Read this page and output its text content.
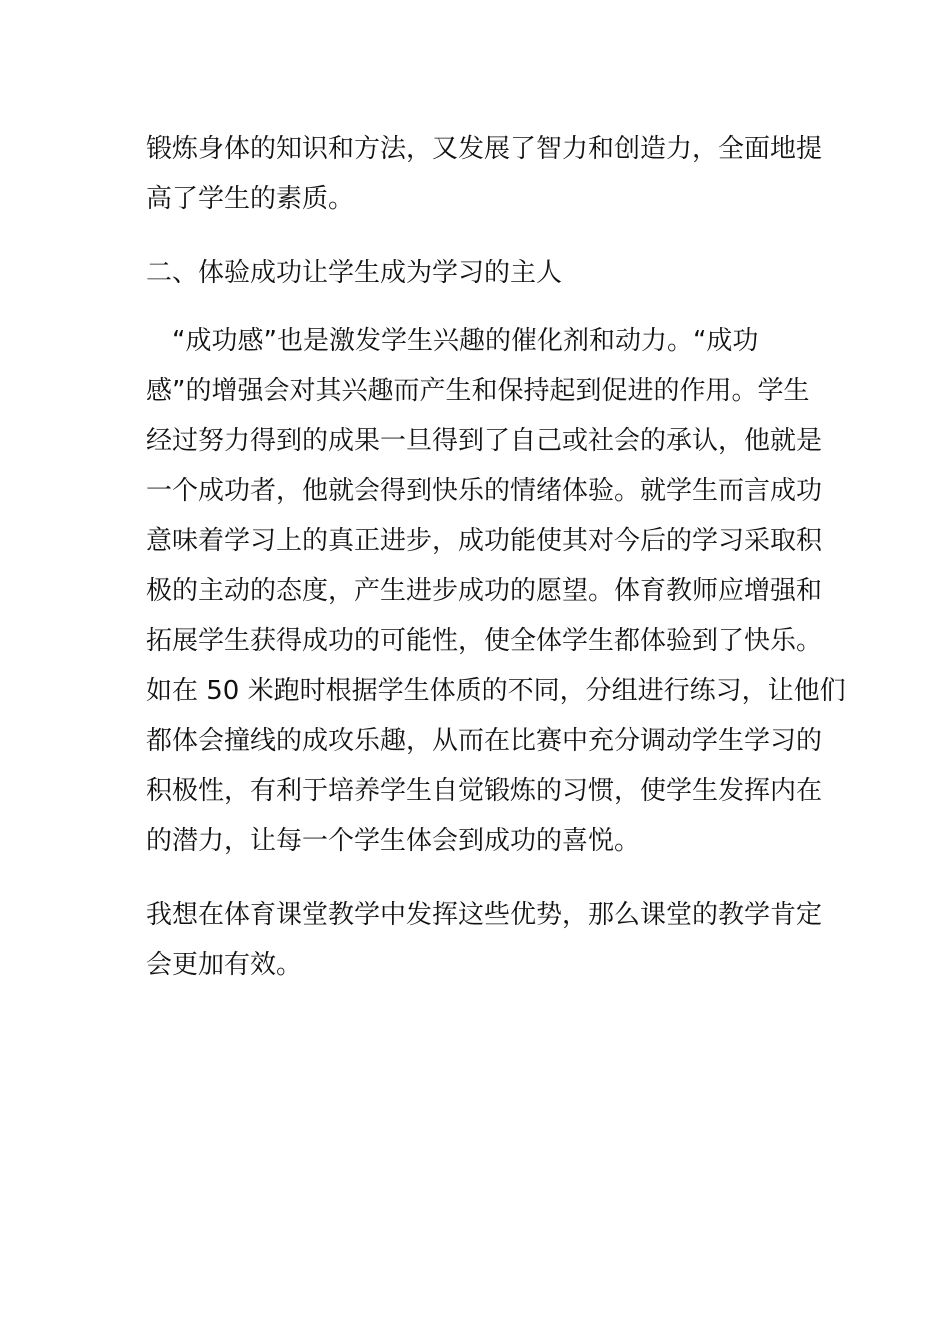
锻炼身体的知识和方法，又发展了智力和创造力，全面地提
高了学生的素质。
二、体验成功让学生成为学习的主人
“成功感”也是激发学生兴趣的催化剂和动力。“成功
感”的增强会对其兴趣而产生和保持起到促进的作用。学生
经过努力得到的成果一旦得到了自己或社会的承认，他就是
一个成功者，他就会得到快乐的情绪体验。就学生而言成功
意味着学习上的真正进步，成功能使其对今后的学习采取积
极的主动的态度，产生进步成功的愿望。体育教师应增强和
拓展学生获得成功的可能性，使全体学生都体验到了快乐。
如在 50 米跑时根据学生体质的不同，分组进行练习，让他们
都体会撞线的成攻乐趣，从而在比赛中充分调动学生学习的
积极性，有利于培养学生自觉锻炼的习惯，使学生发挥内在
的潜力，让每一个学生体会到成功的喜悦。
我想在体育课堂教学中发挥这些优势，那么课堂的教学肯定
会更加有效。
